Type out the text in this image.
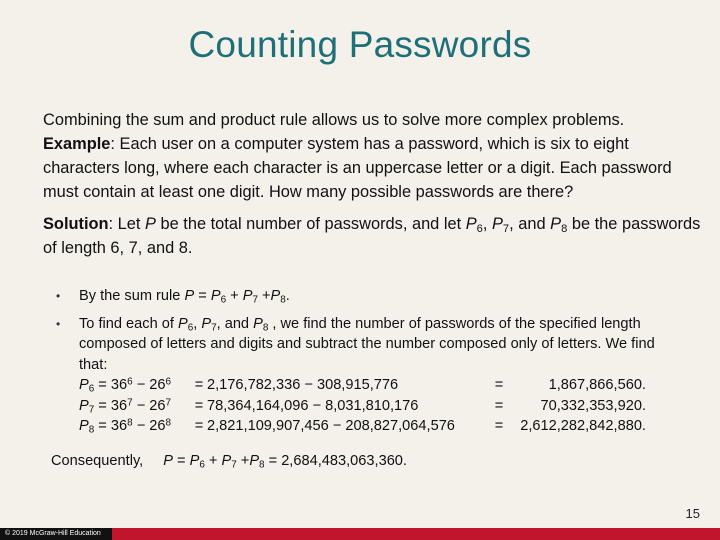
Counting Passwords

Combining the sum and product rule allows us to solve more complex problems.
Example: Each user on a computer system has a password, which is six to eight characters long, where each character is an uppercase letter or a digit. Each password must contain at least one digit. How many possible passwords are there?

Solution: Let P be the total number of passwords, and let $P_6$, $P_7$, and $P_8$ be the passwords of length 6, 7, and 8.

• By the sum rule $P = P_6 + P_7 +P_8$.
• To find each of $P_6$, $P_7$, and $P_8$ , we find the number of passwords of the specified length composed of letters and digits and subtract the number composed only of letters. We find that:
$P_6 = 36^6 - 26^6$	=	2,176,782,336 − 308,915,776	=	1,867,866,560.
$P_7 = 36^7 - 26^7$	=	78,364,164,096 − 8,031,810,176	=	70,332,353,920.
$P_8 = 36^8 - 26^8$	=	2,821,109,907,456 − 208,827,064,576	=	2,612,282,842,880.
Consequently, $P = P_6 + P_7 +P_8 = 2,684,483,063,360$.
15
© 2019 McGraw-Hill Education
